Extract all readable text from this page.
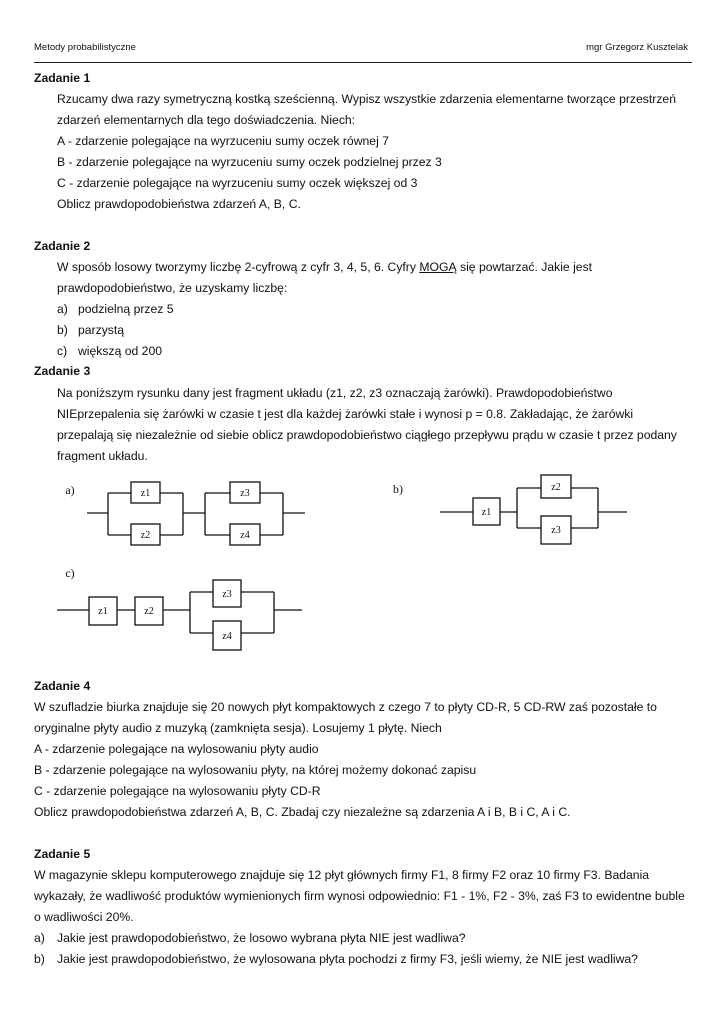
Metody probabilistyczne	mgr Grzegorz Kusztelak
Zadanie 1
Rzucamy dwa razy symetryczną kostką sześcienną. Wypisz wszystkie zdarzenia elementarne tworzące przestrzeń
zdarzeń elementarnych dla tego doświadczenia. Niech:
A - zdarzenie polegające na wyrzuceniu sumy oczek równej 7
B - zdarzenie polegające na wyrzuceniu sumy oczek podzielnej przez 3
C - zdarzenie polegające na wyrzuceniu sumy oczek większej od 3
Oblicz prawdopodobieństwa zdarzeń A, B, C.
Zadanie 2
W sposób losowy tworzymy liczbę 2-cyfrową z cyfr 3, 4, 5, 6. Cyfry MOGĄ się powtarzać. Jakie jest
prawdopodobieństwo, że uzyskamy liczbę:
a) podzielną przez 5
b) parzystą
c) większą od 200
Zadanie 3
Na poniższym rysunku dany jest fragment układu (z1, z2, z3 oznaczają żarówki). Prawdopodobieństwo
NIEprzepalenia się żarówki w czasie t jest dla każdej żarówki stałe i wynosi p = 0.8. Zakładając, że żarówki
przepalają się niezależnie od siebie oblicz prawdopodobieństwo ciągłego przepływu prądu w czasie t przez podany
fragment układu.
a)	z1
z2
z3
z4
b)
z1
z2
z3
c)
z1	z2
z3
z4
Zadanie 4
W szufladzie biurka znajduje się 20 nowych płyt kompaktowych z czego 7 to płyty CD-R, 5 CD-RW zaś pozostałe to
oryginalne płyty audio z muzyką (zamknięta sesja). Losujemy 1 płytę. Niech
A - zdarzenie polegające na wylosowaniu płyty audio
B - zdarzenie polegające na wylosowaniu płyty, na której możemy dokonać zapisu
C - zdarzenie polegające na wylosowaniu płyty CD-R
Oblicz prawdopodobieństwa zdarzeń A, B, C. Zbadaj czy niezależne są zdarzenia A i B, B i C, A i C.
Zadanie 5
W magazynie sklepu komputerowego znajduje się 12 płyt głównych firmy F1, 8 firmy F2 oraz 10 firmy F3. Badania
wykazały, że wadliwość produktów wymienionych firm wynosi odpowiednio: F1 - 1%, F2 - 3%, zaś F3 to ewidentne buble
o wadliwości 20%.
a) Jakie jest prawdopodobieństwo, że losowo wybrana płyta NIE jest wadliwa?
b) Jakie jest prawdopodobieństwo, że wylosowana płyta pochodzi z firmy F3, jeśli wiemy, że NIE jest wadliwa?
